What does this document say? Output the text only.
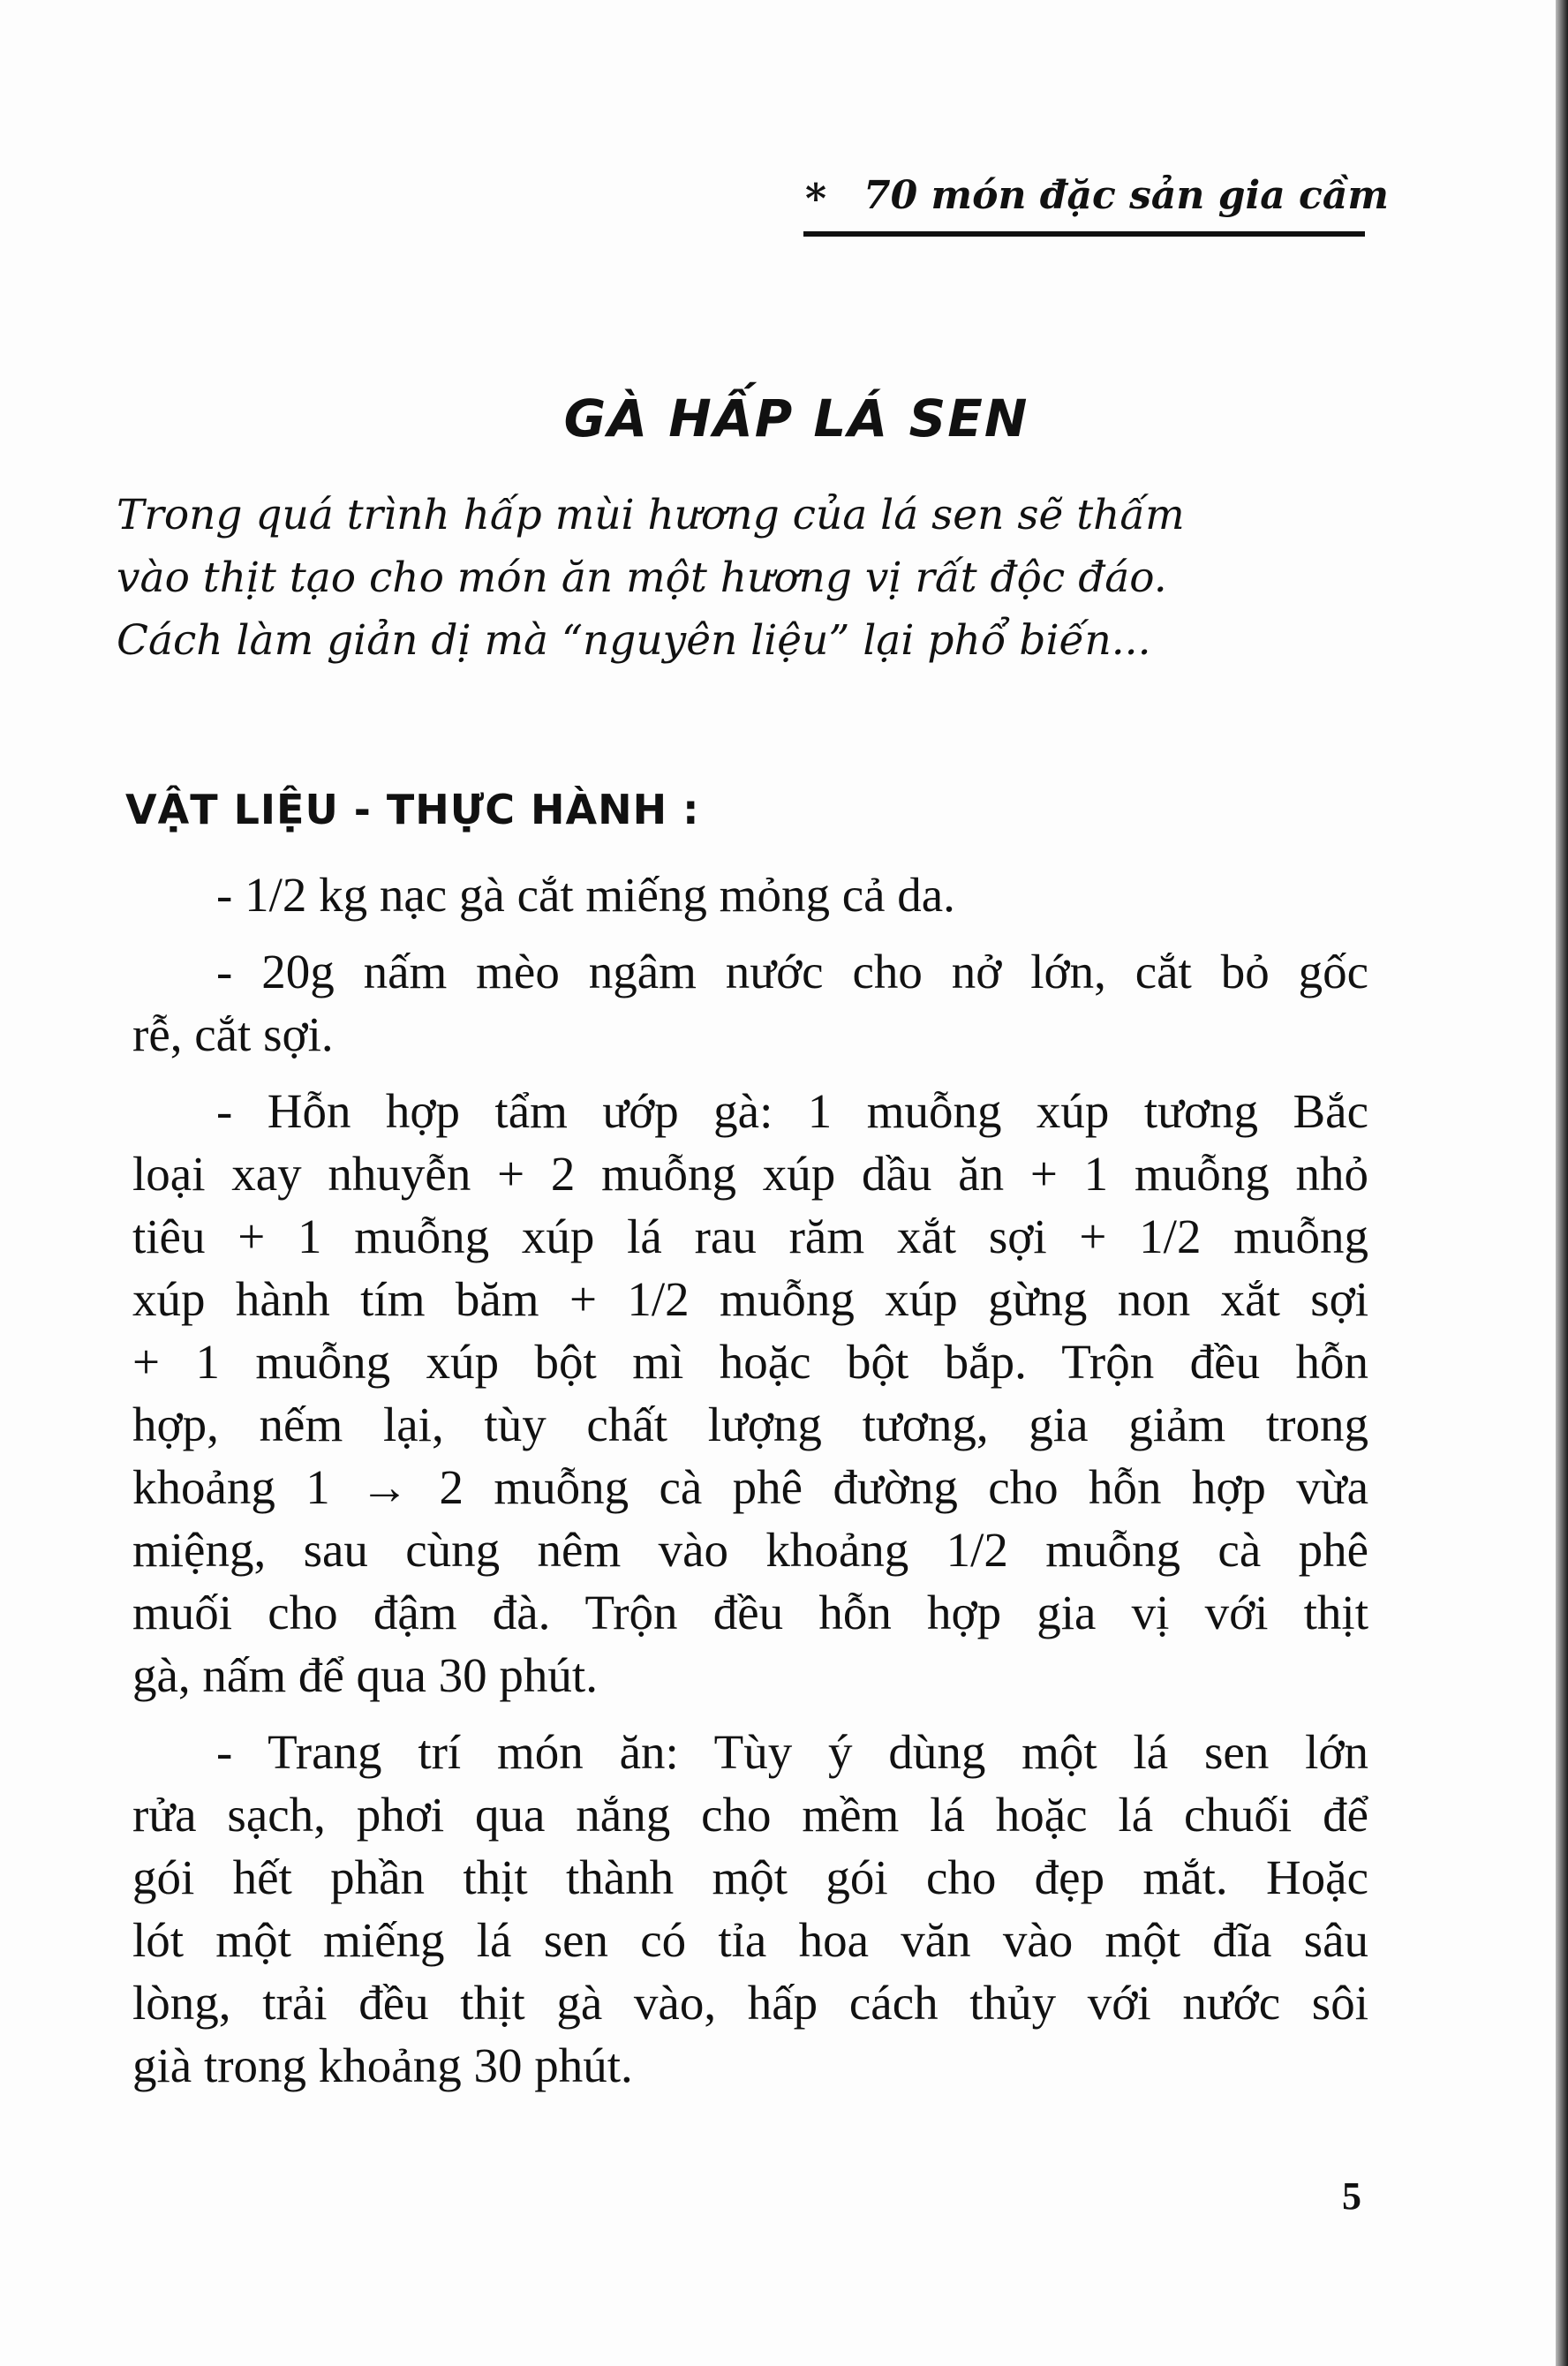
* 70 món đặc sản gia cầm
GÀ HẤP LÁ SEN
Trong quá trình hấp mùi hương của lá sen sẽ thấm
vào thịt tạo cho món ăn một hương vị rất độc đáo.
Cách làm giản dị mà “nguyên liệu” lại phổ biến...
VẬT LIỆU - THỰC HÀNH :
- 1/2 kg nạc gà cắt miếng mỏng cả da.
- 20g nấm mèo ngâm nước cho nở lớn, cắt bỏ gốc
rễ, cắt sợi.
- Hỗn hợp tẩm ướp gà: 1 muỗng xúp tương Bắc
loại xay nhuyễn + 2 muỗng xúp dầu ăn + 1 muỗng nhỏ
tiêu + 1 muỗng xúp lá rau răm xắt sợi + 1/2 muỗng
xúp hành tím băm + 1/2 muỗng xúp gừng non xắt sợi
+ 1 muỗng xúp bột mì hoặc bột bắp. Trộn đều hỗn
hợp, nếm lại, tùy chất lượng tương, gia giảm trong
khoảng 1 → 2 muỗng cà phê đường cho hỗn hợp vừa
miệng, sau cùng nêm vào khoảng 1/2 muỗng cà phê
muối cho đậm đà. Trộn đều hỗn hợp gia vị với thịt
gà, nấm để qua 30 phút.
- Trang trí món ăn: Tùy ý dùng một lá sen lớn
rửa sạch, phơi qua nắng cho mềm lá hoặc lá chuối để
gói hết phần thịt thành một gói cho đẹp mắt. Hoặc
lót một miếng lá sen có tỉa hoa văn vào một đĩa sâu
lòng, trải đều thịt gà vào, hấp cách thủy với nước sôi
già trong khoảng 30 phút.
5
